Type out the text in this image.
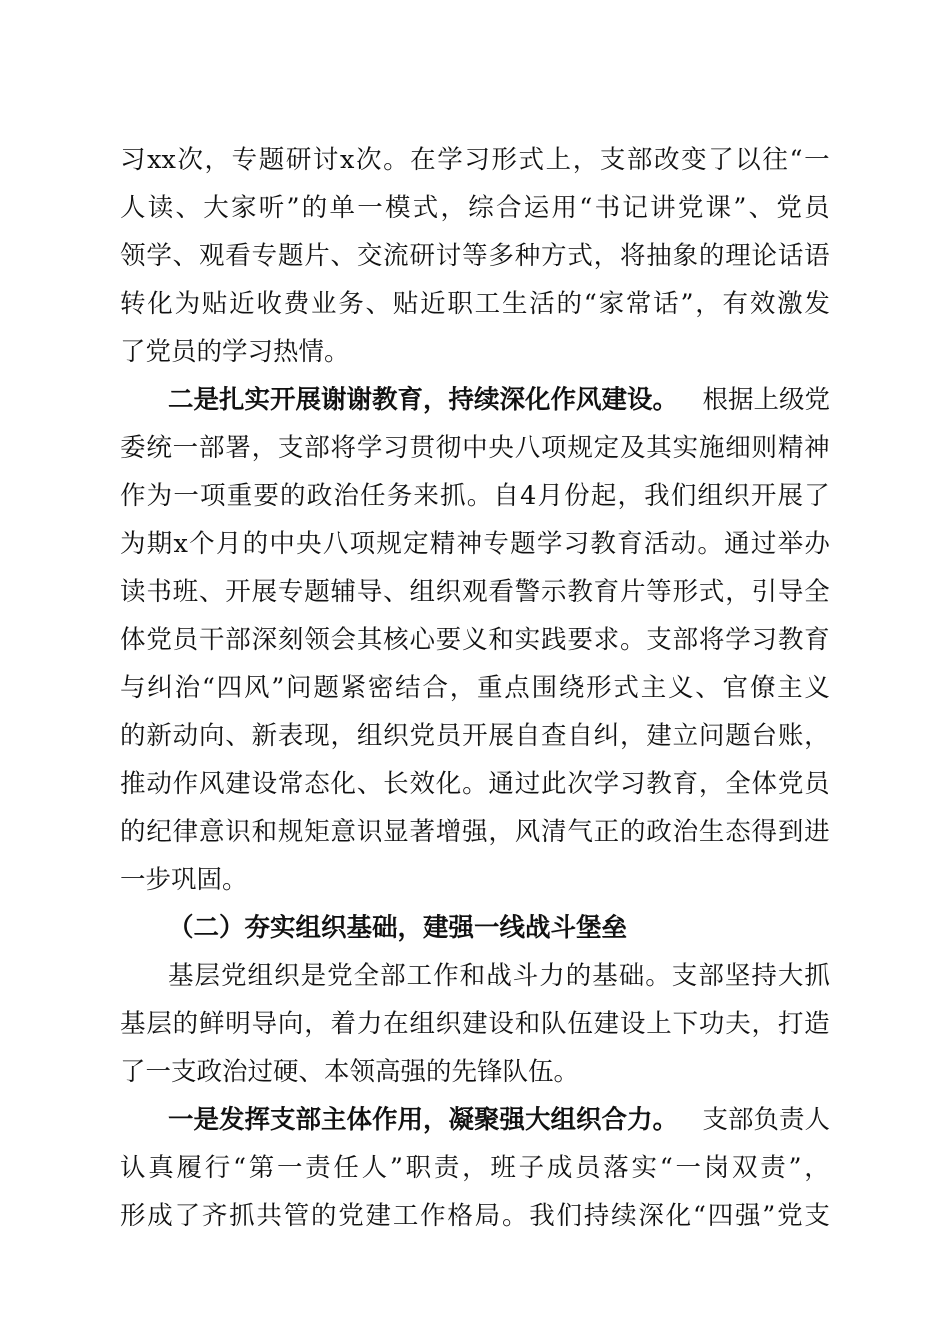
习 xx 次 ， 专 题 研 讨 x 次 。 在 学 习 形 式 上 ， 支 部 改 变 了 以 往 “ 一
人 读 、 大 家 听 ” 的 单 一 模 式 ， 综 合 运 用 “ 书 记 讲 党 课 ” 、 党 员
领 学 、 观 看 专 题 片 、 交 流 研 讨 等 多 种 方 式 ， 将 抽 象 的 理 论 话 语
转 化 为 贴 近 收 费 业 务 、 贴 近 职 工 生 活 的 “ 家 常 话 ” ， 有 效 激 发
了党员的学习热情。
二是扎实开展谢谢教育，持续深化作风建设。 根据上级党
委 统 一 部 署 ， 支 部 将 学 习 贯 彻 中 央 八 项 规 定 及 其 实 施 细 则 精 神
作 为 一 项 重 要 的 政 治 任 务 来 抓 。 自 4 月 份 起 ， 我 们 组 织 开 展 了
为 期 x 个 月 的 中 央 八 项 规 定 精 神 专 题 学 习 教 育 活 动 。 通 过 举 办
读 书 班 、 开 展 专 题 辅 导 、 组 织 观 看 警 示 教 育 片 等 形 式 ， 引 导 全
体 党 员 干 部 深 刻 领 会 其 核 心 要 义 和 实 践 要 求 。 支 部 将 学 习 教 育
与 纠 治 “ 四 风 ” 问 题 紧 密 结 合 ， 重 点 围 绕 形 式 主 义 、 官 僚 主 义
的 新 动 向 、 新 表 现 ， 组 织 党 员 开 展 自 查 自 纠 ， 建 立 问 题 台 账 ，
推 动 作 风 建 设 常 态 化 、 长 效 化 。 通 过 此 次 学 习 教 育 ， 全 体 党 员
的 纪 律 意 识 和 规 矩 意 识 显 著 增 强 ， 风 清 气 正 的 政 治 生 态 得 到 进
一步巩固。
（二）夯实组织基础，建强一线战斗堡垒
基 层 党 组 织 是 党 全 部 工 作 和 战 斗 力 的 基 础 。 支 部 坚 持 大 抓
基 层 的 鲜 明 导 向 ， 着 力 在 组 织 建 设 和 队 伍 建 设 上 下 功 夫 ， 打 造
了一支政治过硬、本领高强的先锋队伍。
一是发挥支部主体作用，凝聚强大组织合力。 支部负责人
认 真 履 行 “ 第 一 责 任 人 ” 职 责 ， 班 子 成 员 落 实 “ 一 岗 双 责 ” ，
形 成 了 齐 抓 共 管 的 党 建 工 作 格 局 。 我 们 持 续 深 化 “ 四 强 ” 党 支
